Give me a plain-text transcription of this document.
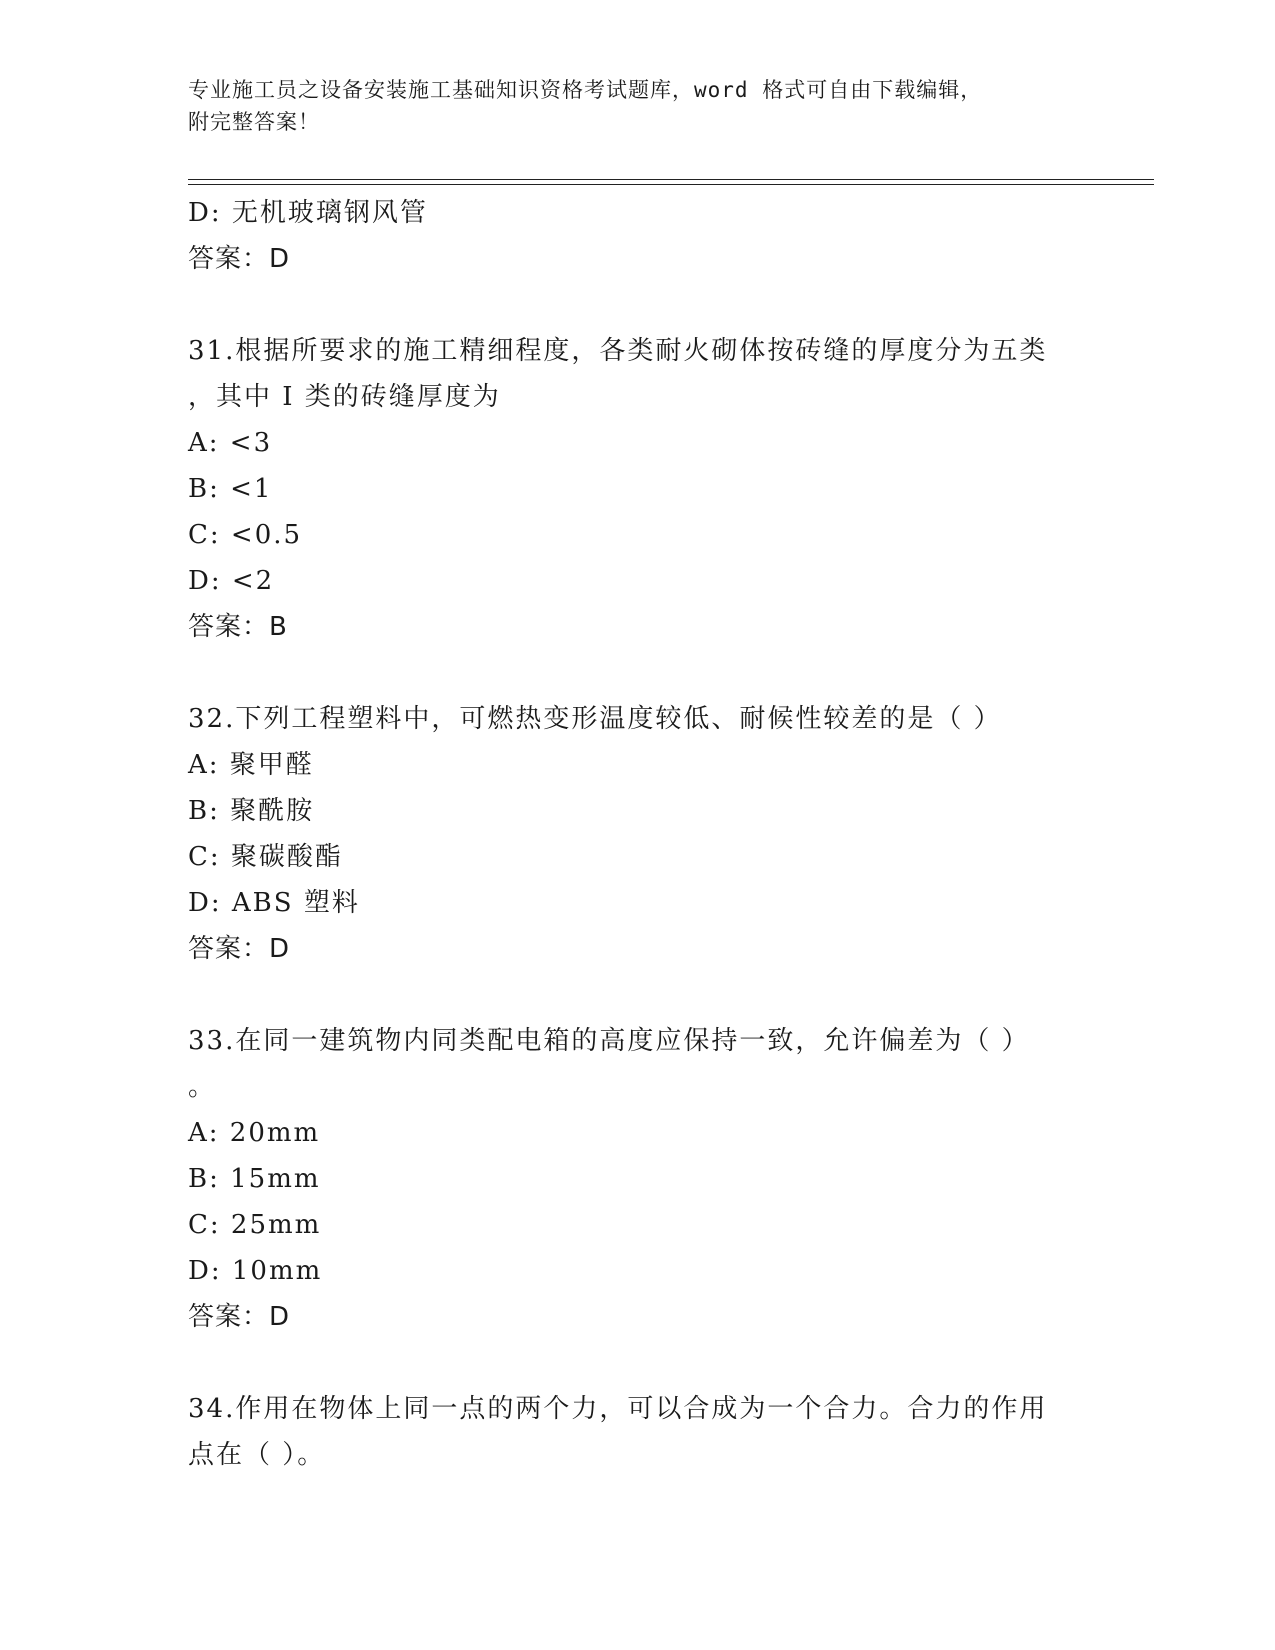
专业施工员之设备安装施工基础知识资格考试题库，word 格式可自由下载编辑，
附完整答案！
D: 无机玻璃钢风管
答案：D
31.根据所要求的施工精细程度，各类耐火砌体按砖缝的厚度分为五类
，其中 I 类的砖缝厚度为
A: <3
B: <1
C: <0.5
D: <2
答案：B
32.下列工程塑料中，可燃热变形温度较低、耐候性较差的是（ ）
A: 聚甲醛
B: 聚酰胺
C: 聚碳酸酯
D: ABS 塑料
答案：D
33.在同一建筑物内同类配电箱的高度应保持一致，允许偏差为（ ）
。
A: 20mm
B: 15mm
C: 25mm
D: 10mm
答案：D
34.作用在物体上同一点的两个力，可以合成为一个合力。合力的作用
点在（ ）。
